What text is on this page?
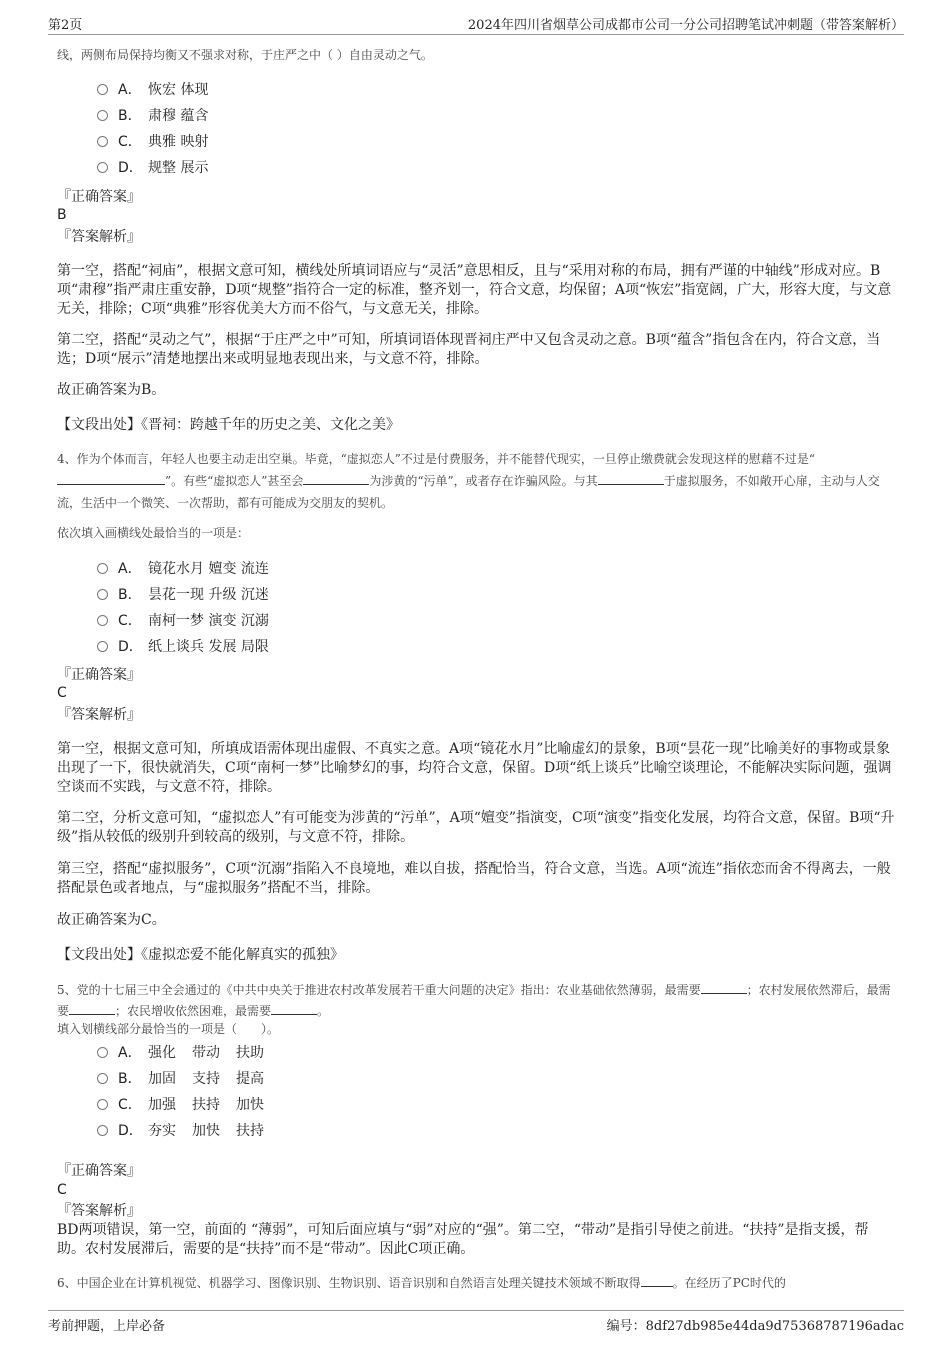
第2页	2024年四川省烟草公司成都市公司一分公司招聘笔试冲刺题（带答案解析）
线，两侧布局保持均衡又不强求对称，于庄严之中（ ）自由灵动之气。
A． 恢宏 体现
B． 肃穆 蕴含
C． 典雅 映射
D． 规整 展示
『正确答案』
B
『答案解析』
第一空，搭配“祠庙”，根据文意可知，横线处所填词语应与“灵活”意思相反，且与“采用对称的布局，拥有严谨的中轴线”形成对应。B项“肃穆”指严肃庄重安静，D项“规整”指符合一定的标准，整齐划一，符合文意，均保留；A项“恢宏”指宽阔，广大，形容大度，与文意无关，排除；C项“典雅”形容优美大方而不俗气，与文意无关，排除。
第二空，搭配“灵动之气”，根据“于庄严之中”可知，所填词语体现晋祠庄严中又包含灵动之意。B项“蕴含”指包含在内，符合文意，当选；D项“展示”清楚地摆出来或明显地表现出来，与文意不符，排除。
故正确答案为B。
【文段出处】《晋祠：跨越千年的历史之美、文化之美》
4、作为个体而言，年轻人也要主动走出空巢。毕竟，“虚拟恋人”不过是付费服务，并不能替代现实，一旦停止缴费就会发现这样的慰藉不过是“”。有些“虚拟恋人”甚至会	为涉黄的“污单”，或者存在诈骗风险。与其	于虚拟服务，不如敞开心扉，主动与人交流，生活中一个微笑、一次帮助，都有可能成为交朋友的契机。
依次填入画横线处最恰当的一项是：
A． 镜花水月 嬗变 流连
B． 昙花一现 升级 沉迷
C． 南柯一梦 演变 沉溺
D． 纸上谈兵 发展 局限
『正确答案』
C
『答案解析』
第一空，根据文意可知，所填成语需体现出虚假、不真实之意。A项“镜花水月”比喻虚幻的景象，B项“昙花一现”比喻美好的事物或景象出现了一下，很快就消失，C项“南柯一梦”比喻梦幻的事，均符合文意，保留。D项“纸上谈兵”比喻空谈理论，不能解决实际问题，强调空谈而不实践，与文意不符，排除。
第二空，分析文意可知，“虚拟恋人”有可能变为涉黄的“污单”，A项“嬗变”指演变，C项“演变”指变化发展，均符合文意，保留。B项“升级”指从较低的级别升到较高的级别，与文意不符，排除。
第三空，搭配“虚拟服务”，C项“沉溺”指陷入不良境地，难以自拔，搭配恰当，符合文意，当选。A项“流连”指依恋而舍不得离去，一般搭配景色或者地点，与“虚拟服务”搭配不当，排除。
故正确答案为C。
【文段出处】《虚拟恋爱不能化解真实的孤独》
5、党的十七届三中全会通过的《中共中央关于推进农村改革发展若干重大问题的决定》指出：农业基础依然薄弱，最需要	；农村发展依然滞后，最需要	；农民增收依然困难，最需要	。
填入划横线部分最恰当的一项是（　　）。
A． 强化 带动 扶助
B． 加固 支持 提高
C． 加强 扶持 加快
D． 夯实 加快 扶持
『正确答案』
C
『答案解析』
BD两项错误，第一空，前面的 “薄弱”，可知后面应填与“弱”对应的“强”。第二空，“带动”是指引导使之前进。“扶持”是指支援，帮助。农村发展滞后，需要的是“扶持”而不是“带动”。因此C项正确。
6、中国企业在计算机视觉、机器学习、图像识别、生物识别、语音识别和自然语言处理关键技术领域不断取得	。在经历了PC时代的
考前押题，上岸必备	编号：8df27db985e44da9d75368787196adac
